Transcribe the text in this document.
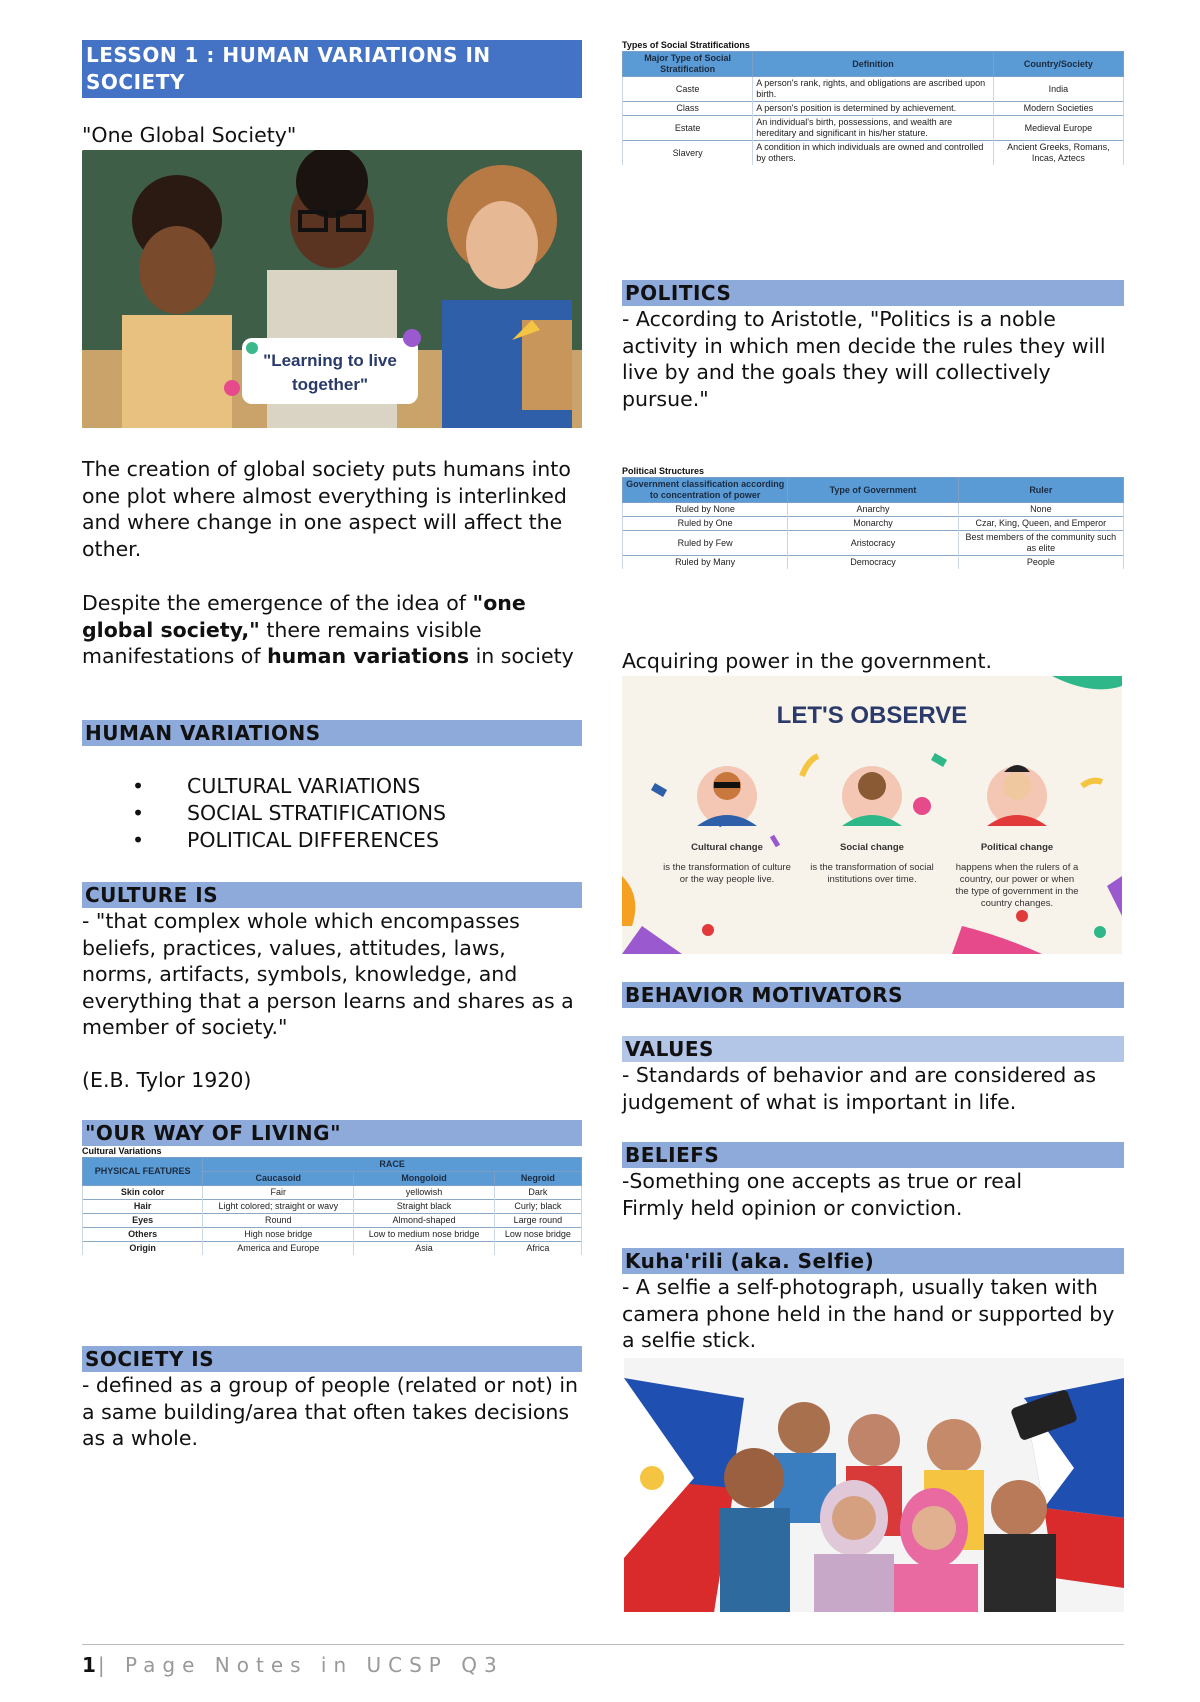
LESSON 1 : HUMAN VARIATIONS IN SOCIETY

"One Global Society"

"Learning to live
together"

The creation of global society puts humans into one plot where almost everything is interlinked and where change in one aspect will affect the other.

Despite the emergence of the idea of "one global society," there remains visible manifestations of human variations in society

HUMAN VARIATIONS
• CULTURAL VARIATIONS
• SOCIAL STRATIFICATIONS
• POLITICAL DIFFERENCES
CULTURE IS

- "that complex whole which encompasses beliefs, practices, values, attitudes, laws, norms, artifacts, symbols, knowledge, and everything that a person learns and shares as a member of society."

(E.B. Tylor 1920)

"OUR WAY OF LIVING"
Cultural Variations
PHYSICAL FEATURES	RACE		
	Caucasoid	Mongoloid	Negroid
Skin color	Fair	yellowish	Dark
Hair	Light colored; straight or wavy	Straight black	Curly; black
Eyes	Round	Almond-shaped	Large round
Others	High nose bridge	Low to medium nose bridge	Low nose bridge
Origin	America and Europe	Asia	Africa
SOCIETY IS

- defined as a group of people (related or not) in a same building/area that often takes decisions as a whole.

Types of Social Stratifications
Major Type of Social Stratification	Definition	Country/Society
Caste	A person's rank, rights, and obligations are ascribed upon birth.	India
Class	A person's position is determined by achievement.	Modern Societies
Estate	An individual's birth, possessions, and wealth are hereditary and significant in his/her stature.	Medieval Europe
Slavery	A condition in which individuals are owned and controlled by others.	Ancient Greeks, Romans, Incas, Aztecs
POLITICS

- According to Aristotle, "Politics is a noble activity in which men decide the rules they will live by and the goals they will collectively pursue."

Political Structures
Government classification according to concentration of power	Type of Government	Ruler
Ruled by None	Anarchy	None
Ruled by One	Monarchy	Czar, King, Queen, and Emperor
Ruled by Few	Aristocracy	Best members of the community such as elite
Ruled by Many	Democracy	People

Acquiring power in the government.

LET'S OBSERVE
Cultural change
is the transformation of culture or the way people live.
Social change
is the transformation of social institutions over time.
Political change
happens when the rulers of a country, our power or when the type of government in the country changes.
BEHAVIOR MOTIVATORS
VALUES

- Standards of behavior and are considered as judgement of what is important in life.

BELIEFS

-Something one accepts as true or real

Firmly held opinion or conviction.

Kuha'rili (aka. Selfie)

- A selfie a self-photograph, usually taken with camera phone held in the hand or supported by a selfie stick.

1| Page Notes in UCSP Q3
